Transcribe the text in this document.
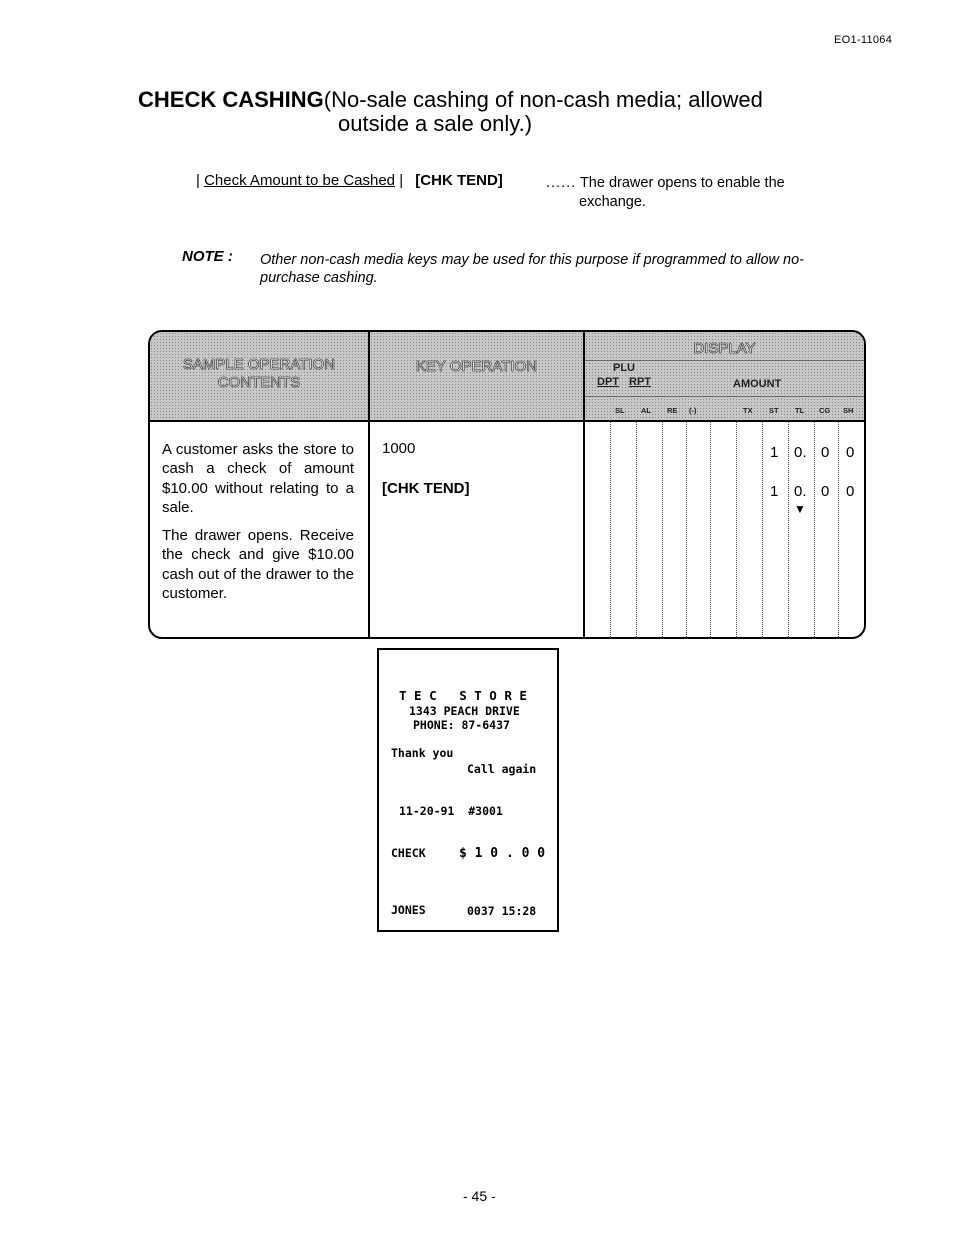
EO1-11064
CHECK CASHING(No-sale cashing of non-cash media; allowed
outside a sale only.)
| Check Amount to be Cashed | [CHK TEND]	...... The drawer opens to enable the
exchange.
NOTE : Other non-cash media keys may be used for this purpose if programmed to allow no-purchase cashing.
SAMPLE OPERATION
CONTENTS
KEY OPERATION
DISPLAY
PLU
DPT RPT	AMOUNT
SL AL RE (-)	TX ST TL CG SH
A customer asks the store to cash a check of amount $10.00 without relating to a sale.
The drawer opens. Receive the check and give $10.00 cash out of the drawer to the customer.
1000
[CHK TEND]
1 0. 0 0
1 0. 0 0
▼
T E C   S T O R E
1343 PEACH DRIVE
PHONE: 87-6437
Thank you
Call again
11-20-91  #3001
CHECK	$ 1 0 . 0 0
JONES	0037 15:28
- 45 -
